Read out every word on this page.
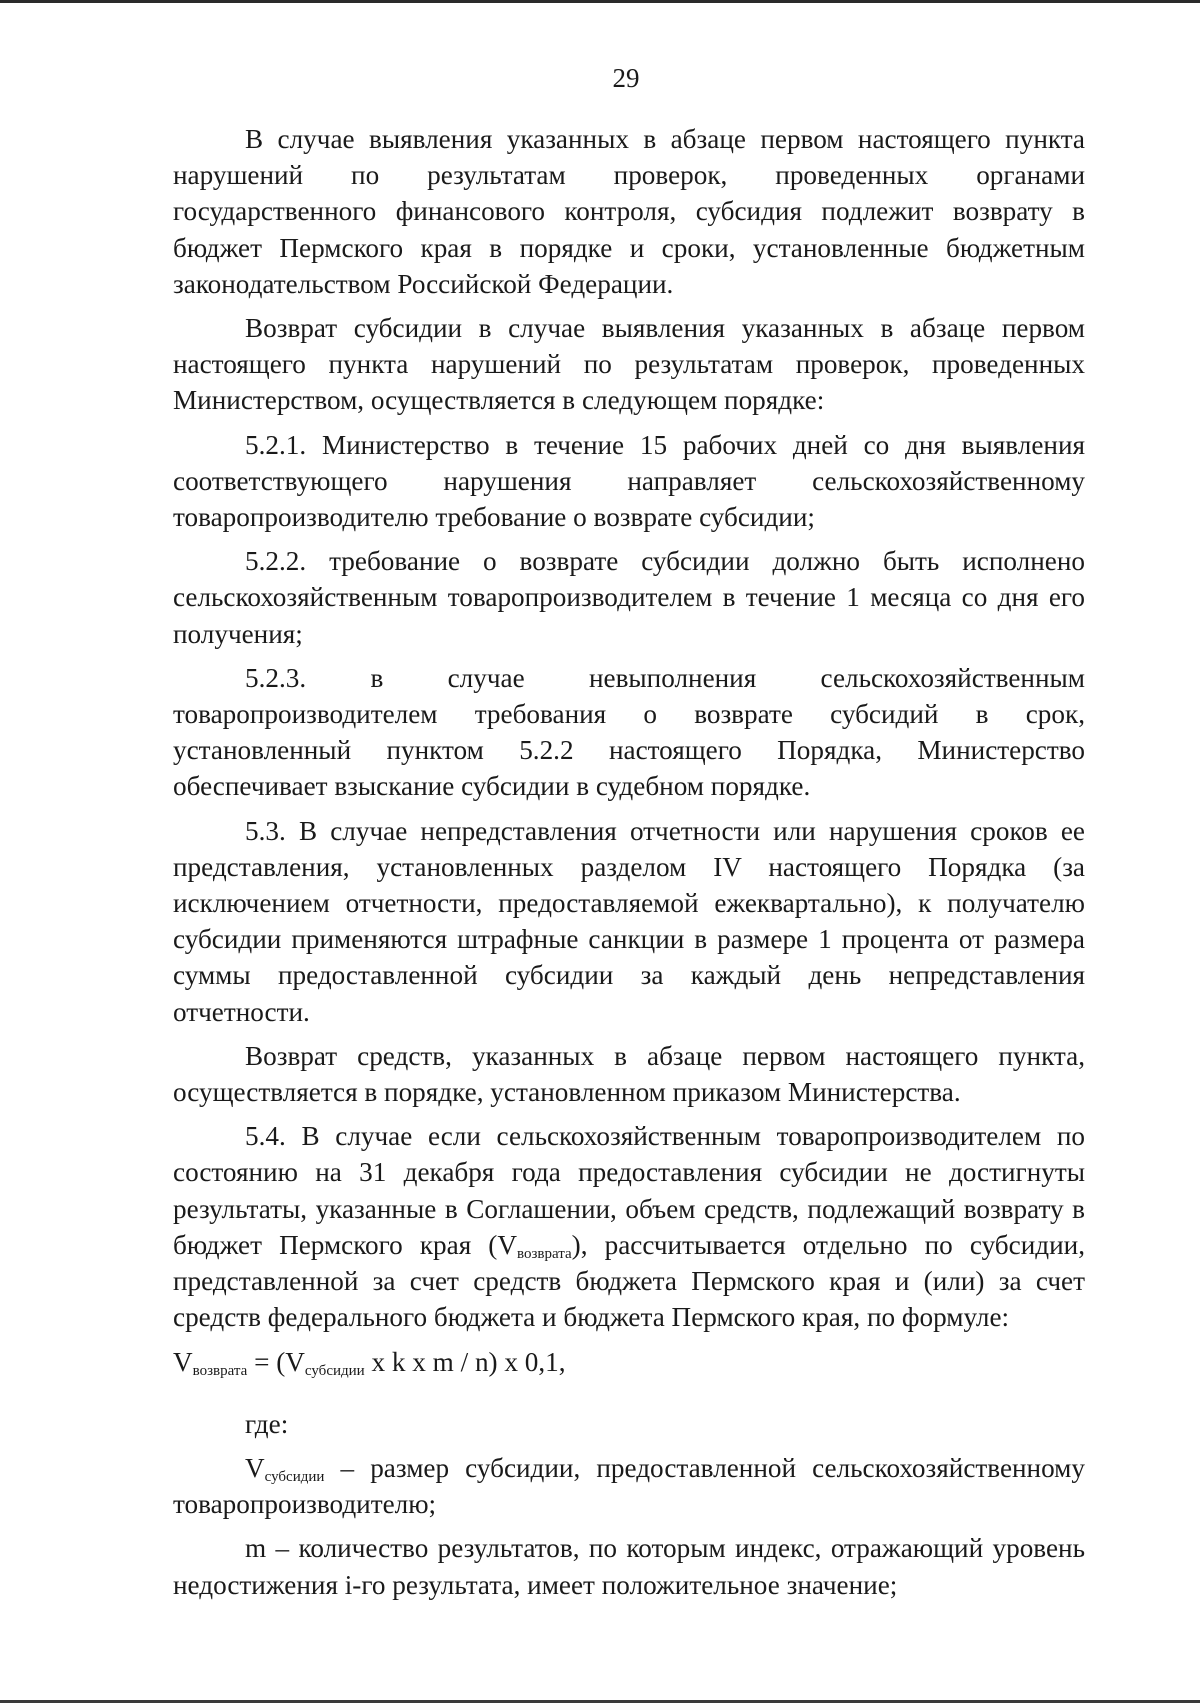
29

В случае выявления указанных в абзаце первом настоящего пункта нарушений по результатам проверок, проведенных органами государственного финансового контроля, субсидия подлежит возврату в бюджет Пермского края в порядке и сроки, установленные бюджетным законодательством Российской Федерации.

Возврат субсидии в случае выявления указанных в абзаце первом настоящего пункта нарушений по результатам проверок, проведенных Министерством, осуществляется в следующем порядке:

5.2.1. Министерство в течение 15 рабочих дней со дня выявления соответствующего нарушения направляет сельскохозяйственному товаропроизводителю требование о возврате субсидии;

5.2.2. требование о возврате субсидии должно быть исполнено сельскохозяйственным товаропроизводителем в течение 1 месяца со дня его получения;

5.2.3. в случае невыполнения сельскохозяйственным товаропроизводителем требования о возврате субсидий в срок, установленный пунктом 5.2.2 настоящего Порядка, Министерство обеспечивает взыскание субсидии в судебном порядке.

5.3. В случае непредставления отчетности или нарушения сроков ее представления, установленных разделом IV настоящего Порядка (за исключением отчетности, предоставляемой ежеквартально), к получателю субсидии применяются штрафные санкции в размере 1 процента от размера суммы предоставленной субсидии за каждый день непредставления отчетности.

Возврат средств, указанных в абзаце первом настоящего пункта, осуществляется в порядке, установленном приказом Министерства.

5.4. В случае если сельскохозяйственным товаропроизводителем по состоянию на 31 декабря года предоставления субсидии не достигнуты результаты, указанные в Соглашении, объем средств, подлежащий возврату в бюджет Пермского края $(V_{возврата})$, рассчитывается отдельно по субсидии, представленной за счет средств бюджета Пермского края и (или) за счет средств федерального бюджета и бюджета Пермского края, по формуле:

$V_{возврата} = (V_{субсидии}$ x k x m / n) x 0,1,

где:

$V_{субсидии}$ – размер субсидии, предоставленной сельскохозяйственному товаропроизводителю;

m – количество результатов, по которым индекс, отражающий уровень недостижения i-го результата, имеет положительное значение;
